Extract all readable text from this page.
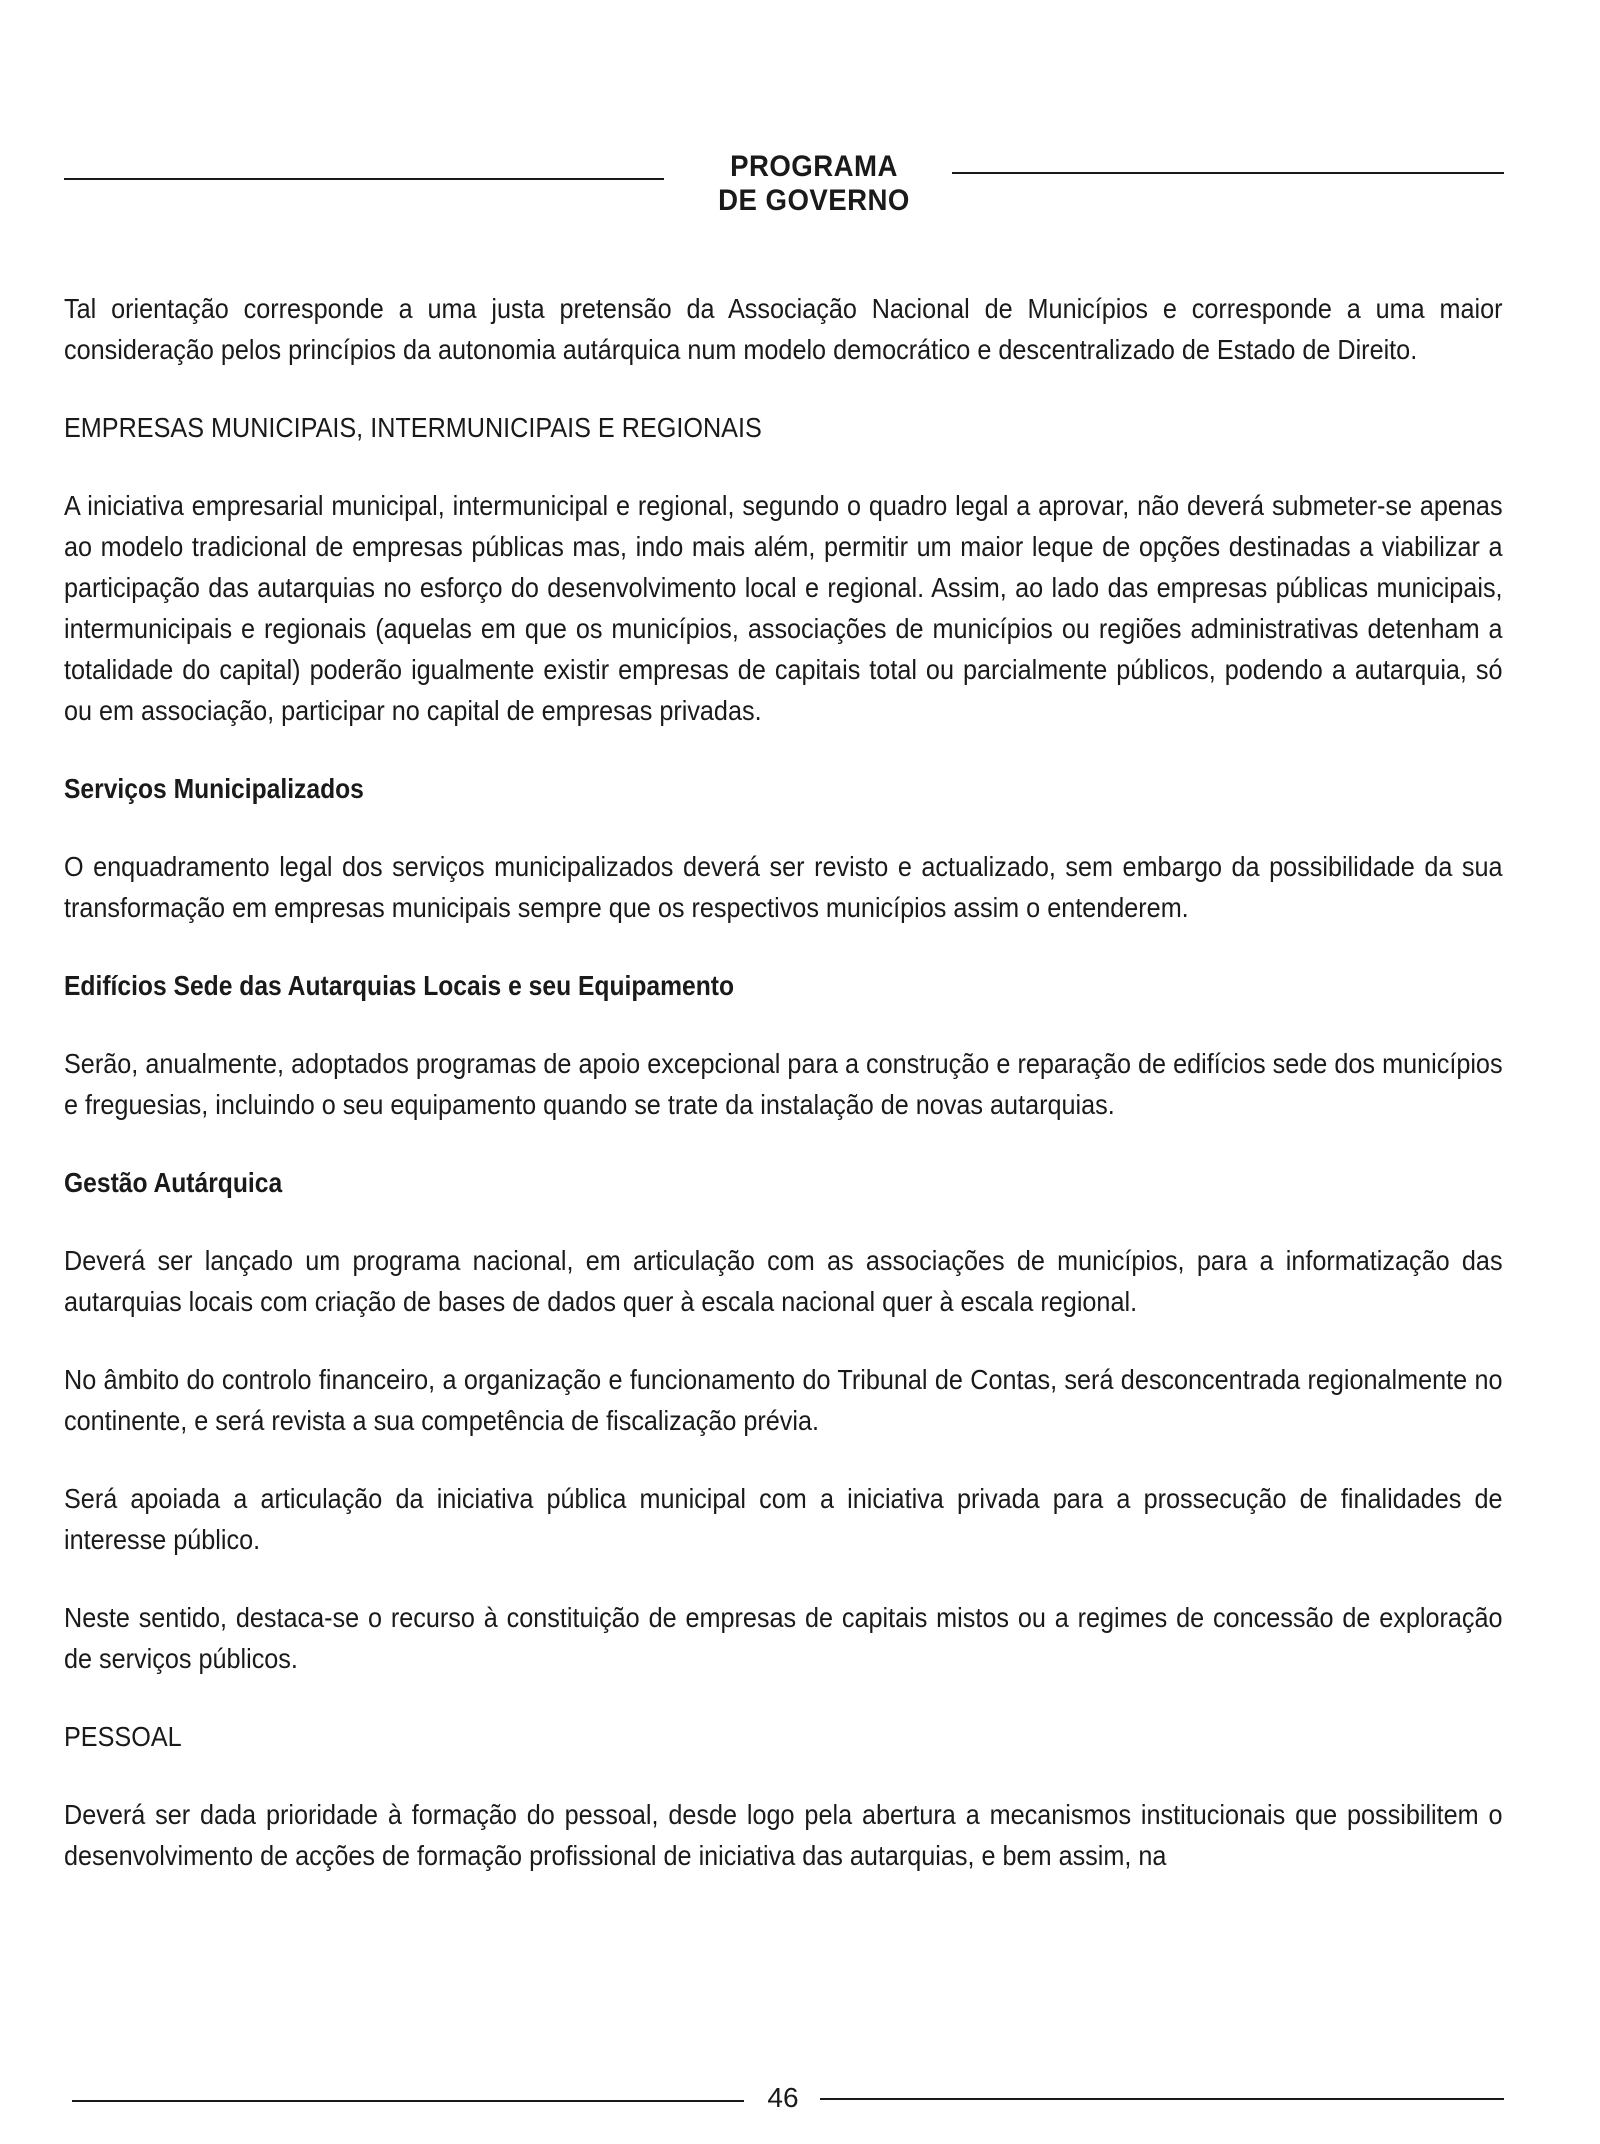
PROGRAMA
DE GOVERNO

Tal orientação corresponde a uma justa pretensão da Associação Nacional de Municípios e corresponde a uma maior consideração pelos princípios da autonomia autárquica num modelo democrático e descentralizado de Estado de Direito.

EMPRESAS MUNICIPAIS, INTERMUNICIPAIS E REGIONAIS

A iniciativa empresarial municipal, intermunicipal e regional, segundo o quadro legal a aprovar, não deverá submeter-se apenas ao modelo tradicional de empresas públicas mas, indo mais além, permitir um maior leque de opções destinadas a viabilizar a participação das autarquias no esforço do desenvolvimento local e regional. Assim, ao lado das empresas públicas municipais, intermunicipais e regionais (aquelas em que os municípios, associações de municípios ou regiões administrativas detenham a totalidade do capital) poderão igualmente existir empresas de capitais total ou parcialmente públicos, podendo a autarquia, só ou em associação, participar no capital de empresas privadas.

Serviços Municipalizados

O enquadramento legal dos serviços municipalizados deverá ser revisto e actualizado, sem embargo da possibilidade da sua transformação em empresas municipais sempre que os respectivos municípios assim o entenderem.

Edifícios Sede das Autarquias Locais e seu Equipamento

Serão, anualmente, adoptados programas de apoio excepcional para a construção e reparação de edifícios sede dos municípios e freguesias, incluindo o seu equipamento quando se trate da instalação de novas autarquias.

Gestão Autárquica

Deverá ser lançado um programa nacional, em articulação com as associações de municípios, para a informatização das autarquias locais com criação de bases de dados quer à escala nacional quer à escala regional.

No âmbito do controlo financeiro, a organização e funcionamento do Tribunal de Contas, será desconcentrada regionalmente no continente, e será revista a sua competência de fiscalização prévia.

Será apoiada a articulação da iniciativa pública municipal com a iniciativa privada para a prossecução de finalidades de interesse público.

Neste sentido, destaca-se o recurso à constituição de empresas de capitais mistos ou a regimes de concessão de exploração de serviços públicos.

PESSOAL

Deverá ser dada prioridade à formação do pessoal, desde logo pela abertura a mecanismos institucionais que possibilitem o desenvolvimento de acções de formação profissional de iniciativa das autarquias, e bem assim, na

46
